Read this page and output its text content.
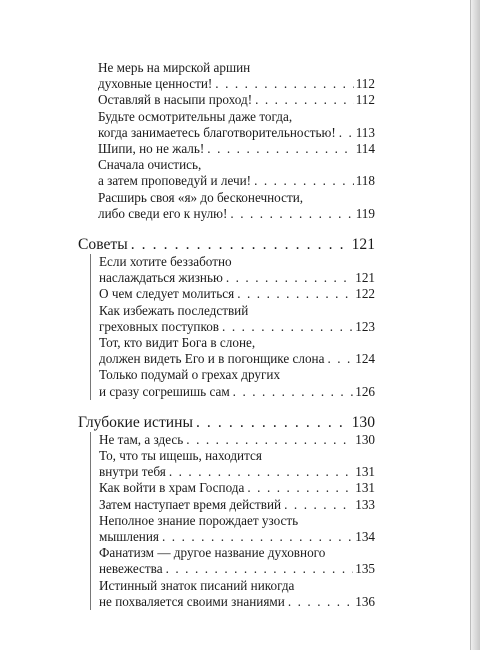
Не мерь на мирской аршин
духовные ценности! . . .	112
Оставляй в насыпи проход! . . .	112
Будьте осмотрительны даже тогда,
когда занимаетесь благотворительностью! . . . 113
Шипи, но не жаль! . . .	114
Сначала очистись,
а затем проповедуй и лечи! . . .	118
Расширь своя «я» до бесконечности,
либо сведи его к нулю! . . .	119
Советы . . .	121
Если хотите беззаботно
наслаждаться жизнью . . .	121
О чем следует молиться . . .	122
Как избежать последствий
греховных поступков . . .	123
Тот, кто видит Бога в слоне,
должен видеть Его и в погонщике слона . . . 124
Только подумай о грехах других
и сразу согрешишь сам . . .	126
Глубокие истины . . .	130
Не там, а здесь . . .	130
То, что ты ищешь, находится
внутри тебя . . .	131
Как войти в храм Господа . . .	131
Затем наступает время действий . . .	133
Неполное знание порождает узость
мышления . . .	134
Фанатизм — другое название духовного
невежества . . .	135
Истинный знаток писаний никогда
не похваляется своими знаниями . . .	136
